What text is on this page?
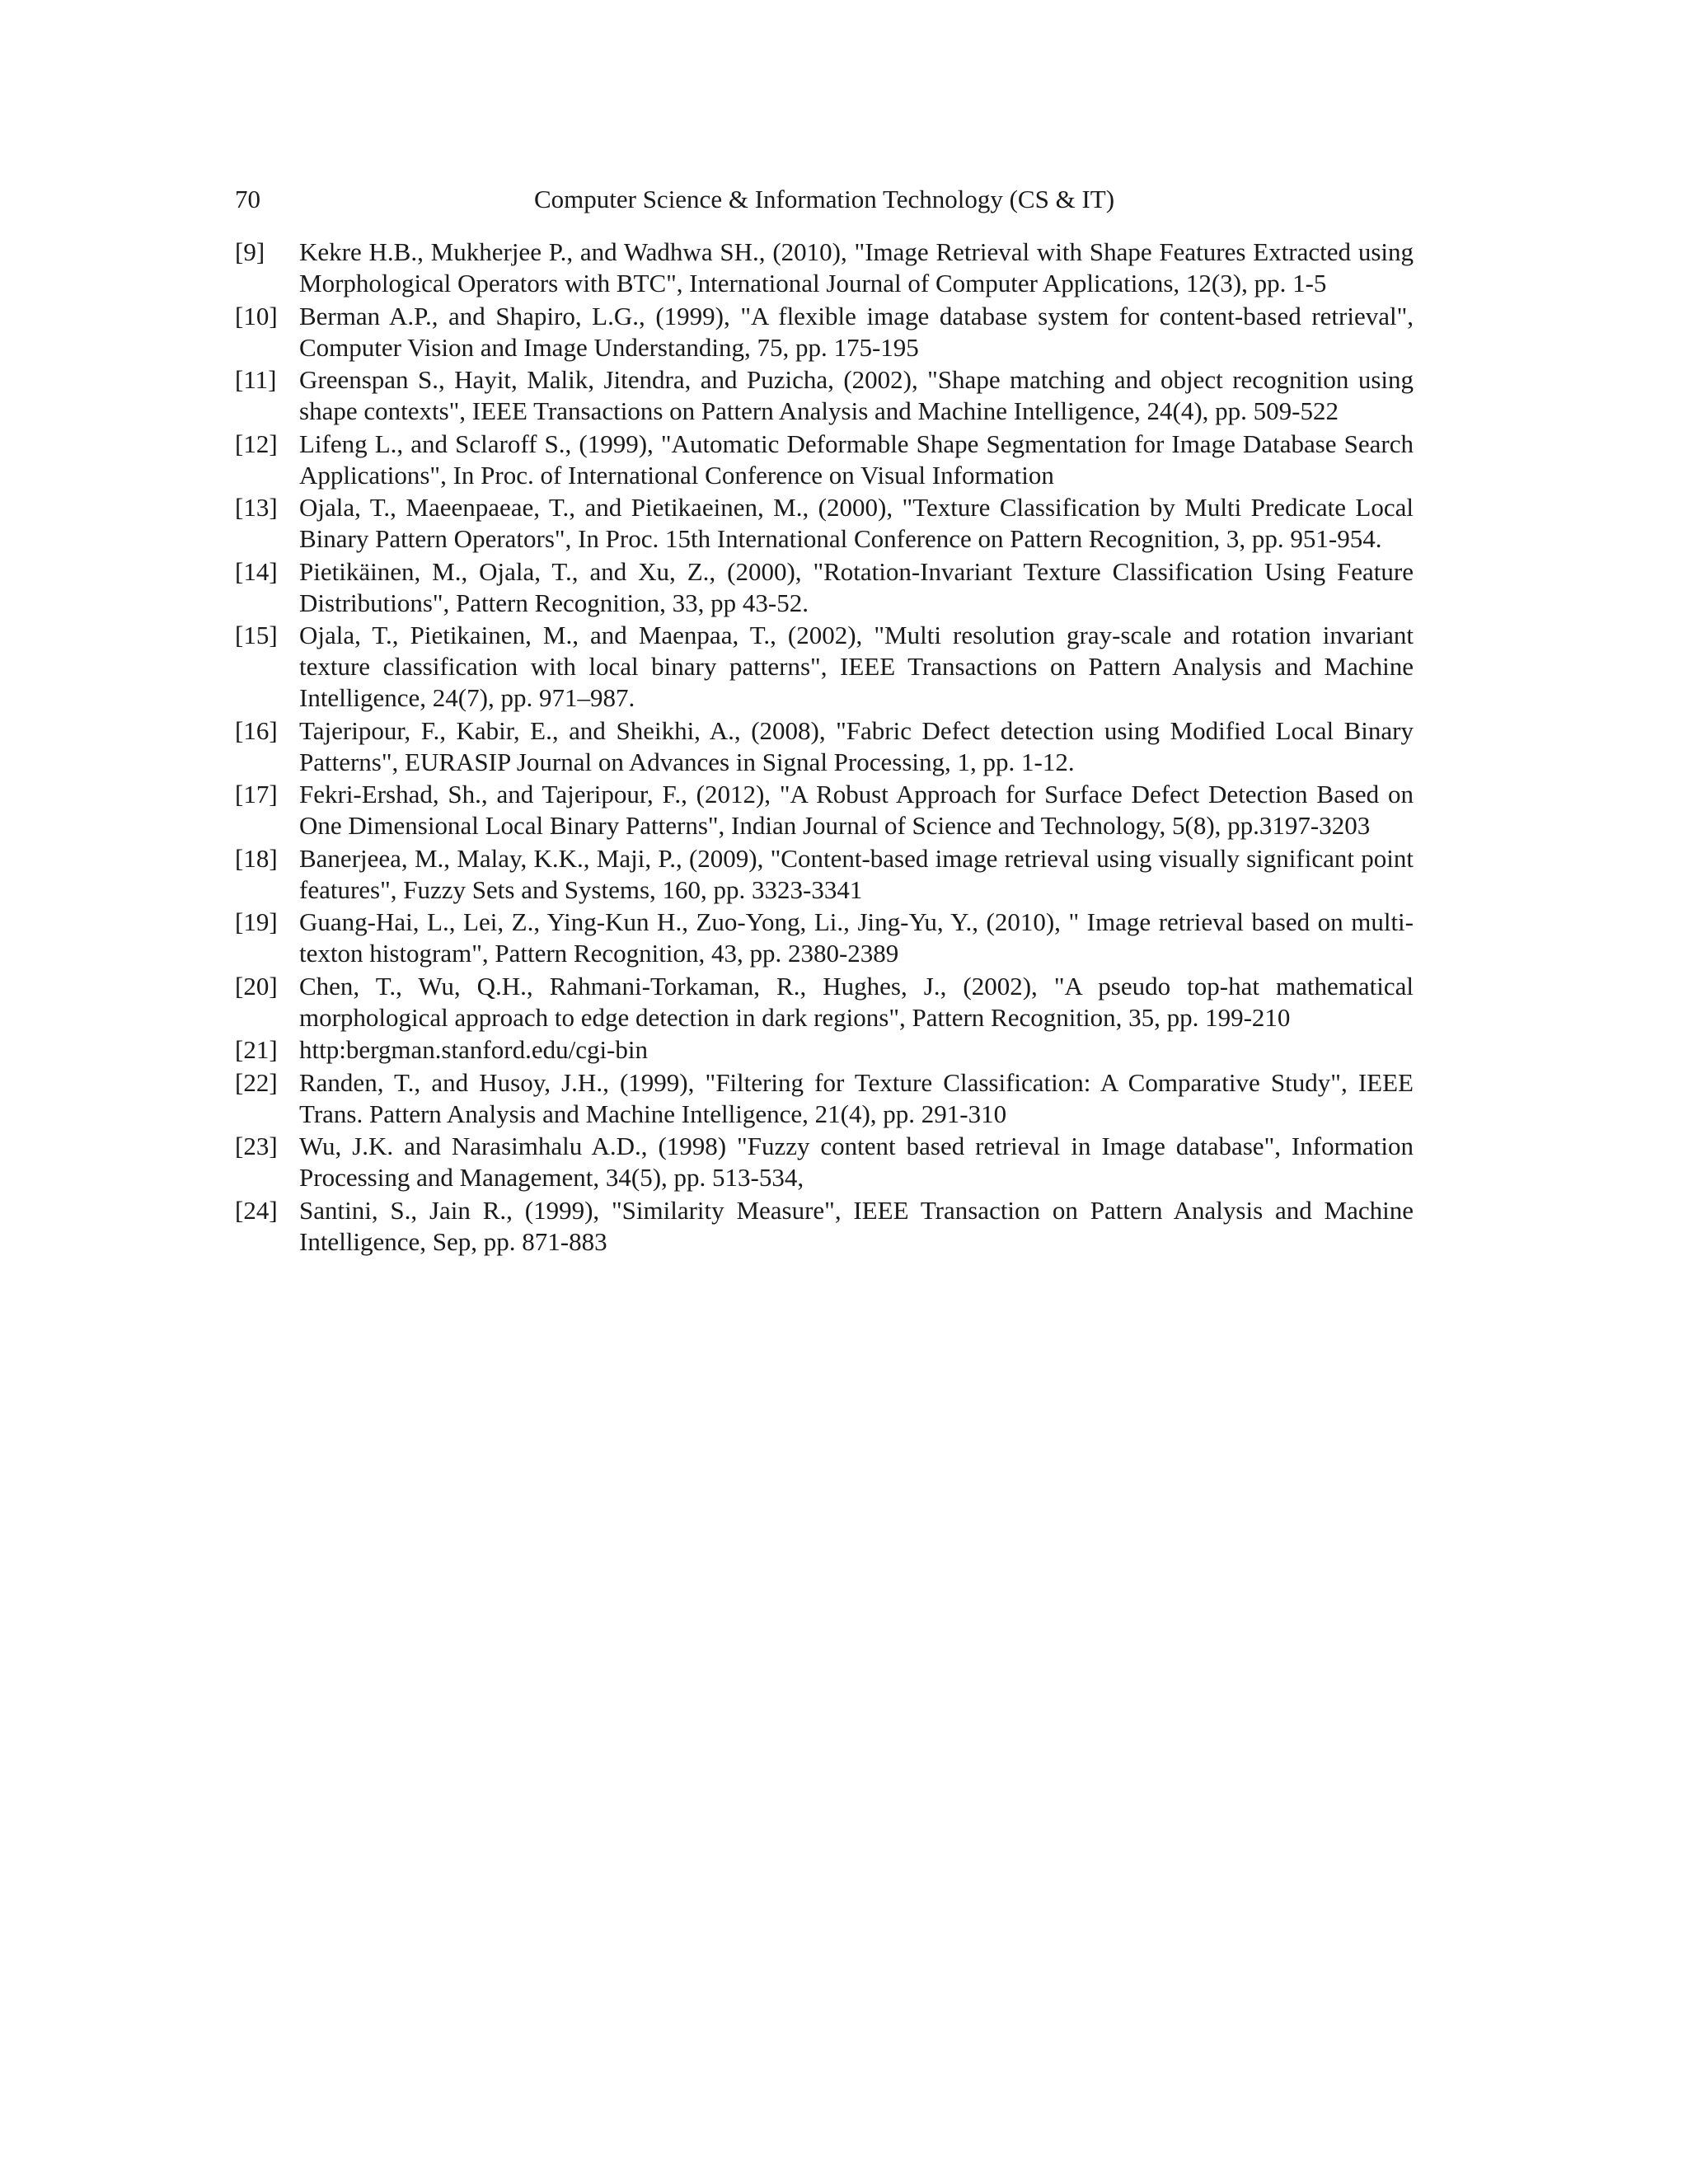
70	Computer Science & Information Technology (CS & IT)
[9] Kekre H.B., Mukherjee P., and Wadhwa SH., (2010), "Image Retrieval with Shape Features Extracted using Morphological Operators with BTC", International Journal of Computer Applications, 12(3), pp. 1-5
[10] Berman A.P., and Shapiro, L.G., (1999), "A flexible image database system for content-based retrieval", Computer Vision and Image Understanding, 75, pp. 175-195
[11] Greenspan S., Hayit, Malik, Jitendra, and Puzicha, (2002), "Shape matching and object recognition using shape contexts", IEEE Transactions on Pattern Analysis and Machine Intelligence, 24(4), pp. 509-522
[12] Lifeng L., and Sclaroff S., (1999), "Automatic Deformable Shape Segmentation for Image Database Search Applications", In Proc. of International Conference on Visual Information
[13] Ojala, T., Maeenpaeae, T., and Pietikaeinen, M., (2000), "Texture Classification by Multi Predicate Local Binary Pattern Operators", In Proc. 15th International Conference on Pattern Recognition, 3, pp. 951-954.
[14] Pietikäinen, M., Ojala, T., and Xu, Z., (2000), "Rotation-Invariant Texture Classification Using Feature Distributions", Pattern Recognition, 33, pp 43-52.
[15] Ojala, T., Pietikainen, M., and Maenpaa, T., (2002), "Multi resolution gray-scale and rotation invariant texture classification with local binary patterns", IEEE Transactions on Pattern Analysis and Machine Intelligence, 24(7), pp. 971–987.
[16] Tajeripour, F., Kabir, E., and Sheikhi, A., (2008), "Fabric Defect detection using Modified Local Binary Patterns", EURASIP Journal on Advances in Signal Processing, 1, pp. 1-12.
[17] Fekri-Ershad, Sh., and Tajeripour, F., (2012), "A Robust Approach for Surface Defect Detection Based on One Dimensional Local Binary Patterns", Indian Journal of Science and Technology, 5(8), pp.3197-3203
[18] Banerjeea, M., Malay, K.K., Maji, P., (2009), "Content-based image retrieval using visually significant point features", Fuzzy Sets and Systems, 160, pp. 3323-3341
[19] Guang-Hai, L., Lei, Z., Ying-Kun H., Zuo-Yong, Li., Jing-Yu, Y., (2010), " Image retrieval based on multi-texton histogram", Pattern Recognition, 43, pp. 2380-2389
[20] Chen, T., Wu, Q.H., Rahmani-Torkaman, R., Hughes, J., (2002), "A pseudo top-hat mathematical morphological approach to edge detection in dark regions", Pattern Recognition, 35, pp. 199-210
[21] http:bergman.stanford.edu/cgi-bin
[22] Randen, T., and Husoy, J.H., (1999), "Filtering for Texture Classification: A Comparative Study", IEEE Trans. Pattern Analysis and Machine Intelligence, 21(4), pp. 291-310
[23] Wu, J.K. and Narasimhalu A.D., (1998) "Fuzzy content based retrieval in Image database", Information Processing and Management, 34(5), pp. 513-534,
[24] Santini, S., Jain R., (1999), "Similarity Measure", IEEE Transaction on Pattern Analysis and Machine Intelligence, Sep, pp. 871-883
